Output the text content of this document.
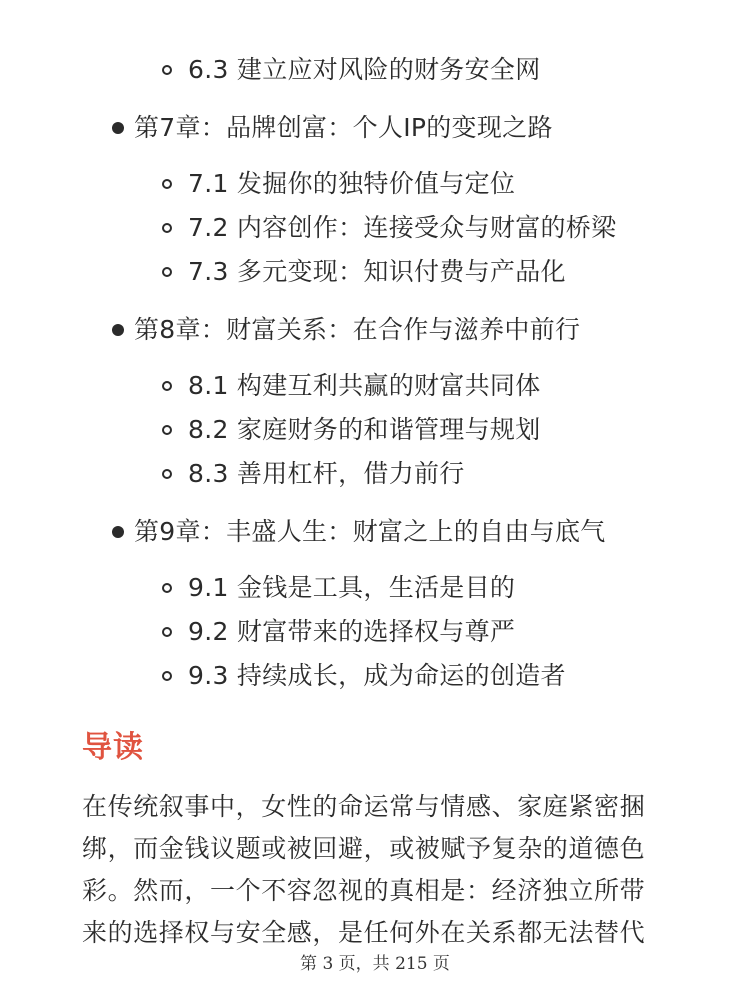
6.3 建立应对风险的财务安全网
第7章：品牌创富：个人IP的变现之路
7.1 发掘你的独特价值与定位
7.2 内容创作：连接受众与财富的桥梁
7.3 多元变现：知识付费与产品化
第8章：财富关系：在合作与滋养中前行
8.1 构建互利共赢的财富共同体
8.2 家庭财务的和谐管理与规划
8.3 善用杠杆，借力前行
第9章：丰盛人生：财富之上的自由与底气
9.1 金钱是工具，生活是目的
9.2 财富带来的选择权与尊严
9.3 持续成长，成为命运的创造者
导读
在传统叙事中，女性的命运常与情感、家庭紧密捆
绑，而金钱议题或被回避，或被赋予复杂的道德色
彩。然而，一个不容忽视的真相是：经济独立所带
来的选择权与安全感，是任何外在关系都无法替代
第 3 页，共 215 页
